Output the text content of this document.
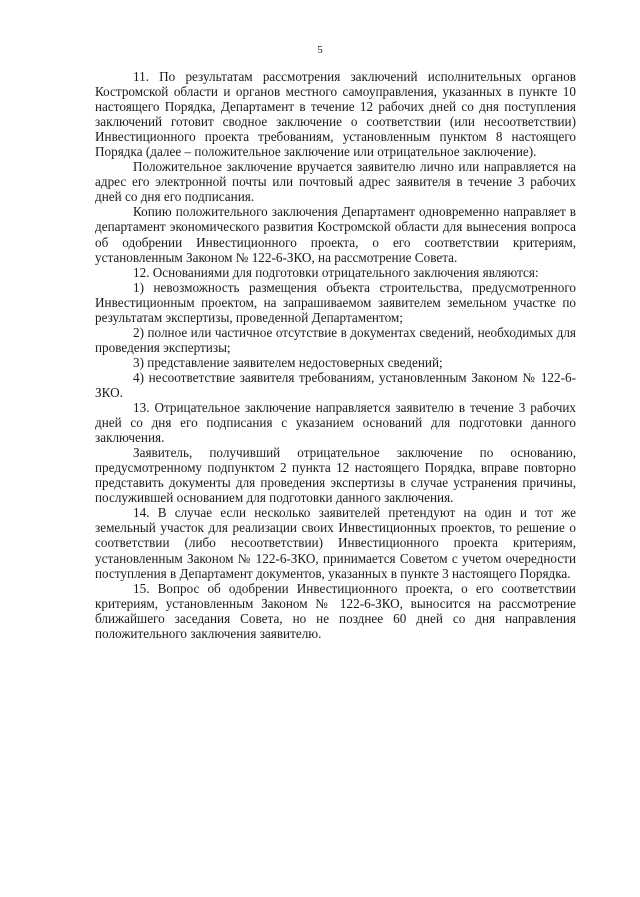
5

11. По результатам рассмотрения заключений исполнительных органов Костромской области и органов местного самоуправления, указанных в пункте 10 настоящего Порядка, Департамент в течение 12 рабочих дней со дня поступления заключений готовит сводное заключение о соответствии (или несоответствии) Инвестиционного проекта требованиям, установленным пунктом 8 настоящего Порядка (далее – положительное заключение или отрицательное заключение).

Положительное заключение вручается заявителю лично или направляется на адрес его электронной почты или почтовый адрес заявителя в течение 3 рабочих дней со дня его подписания.

Копию положительного заключения Департамент одновременно направляет в департамент экономического развития Костромской области для вынесения вопроса об одобрении Инвестиционного проекта, о его соответствии критериям, установленным Законом № 122-6-ЗКО, на рассмотрение Совета.

12. Основаниями для подготовки отрицательного заключения являются:

1) невозможность размещения объекта строительства, предусмотренного Инвестиционным проектом, на запрашиваемом заявителем земельном участке по результатам экспертизы, проведенной Департаментом;

2) полное или частичное отсутствие в документах сведений, необходимых для проведения экспертизы;

3) представление заявителем недостоверных сведений;

4) несоответствие заявителя требованиям, установленным Законом № 122-6-ЗКО.

13. Отрицательное заключение направляется заявителю в течение 3 рабочих дней со дня его подписания с указанием оснований для подготовки данного заключения.

Заявитель, получивший отрицательное заключение по основанию, предусмотренному подпунктом 2 пункта 12 настоящего Порядка, вправе повторно представить документы для проведения экспертизы в случае устранения причины, послужившей основанием для подготовки данного заключения.

14. В случае если несколько заявителей претендуют на один и тот же земельный участок для реализации своих Инвестиционных проектов, то решение о соответствии (либо несоответствии) Инвестиционного проекта критериям, установленным Законом № 122-6-ЗКО, принимается Советом с учетом очередности поступления в Департамент документов, указанных в пункте 3 настоящего Порядка.

15. Вопрос об одобрении Инвестиционного проекта, о его соответствии критериям, установленным Законом № 122-6-ЗКО, выносится на рассмотрение ближайшего заседания Совета, но не позднее 60 дней со дня направления положительного заключения заявителю.
